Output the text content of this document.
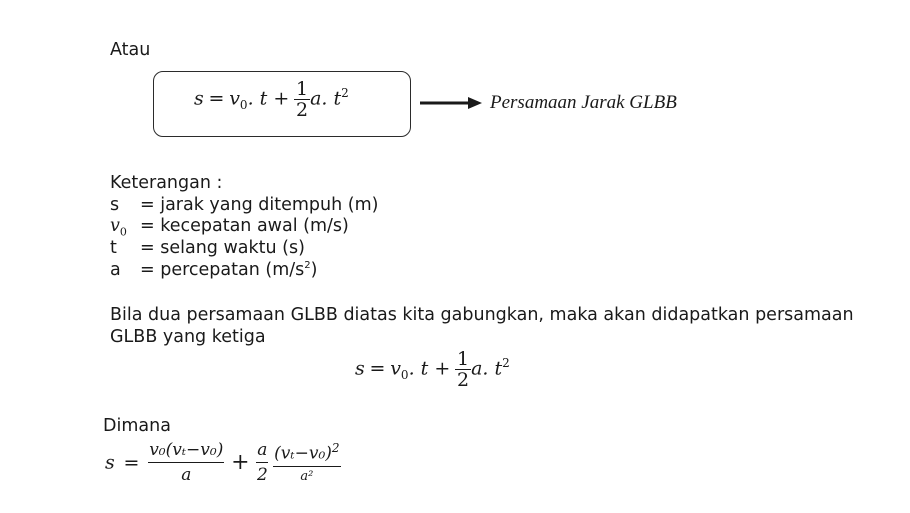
Atau
$s = v_0$. $t + \frac{1}{2} a$. $t^2$	Persamaan Jarak GLBB
Keterangan :
s = jarak yang ditempuh (m)
$v_0$ = kecepatan awal (m/s)
t = selang waktu (s)
a = percepatan $(m/s^2)$
Bila dua persamaan GLBB diatas kita gabungkan, maka akan didapatkan persamaan
GLBB yang ketiga
$s = v_0$. $t + \frac{1}{2} a$. $t^2$
Dimana
$s = \frac{\text{v₀(vₜ−v₀)}}{a} + \frac{a}{2}$
$\frac{(v_t-v_0)^2}{\text{a²}}$
